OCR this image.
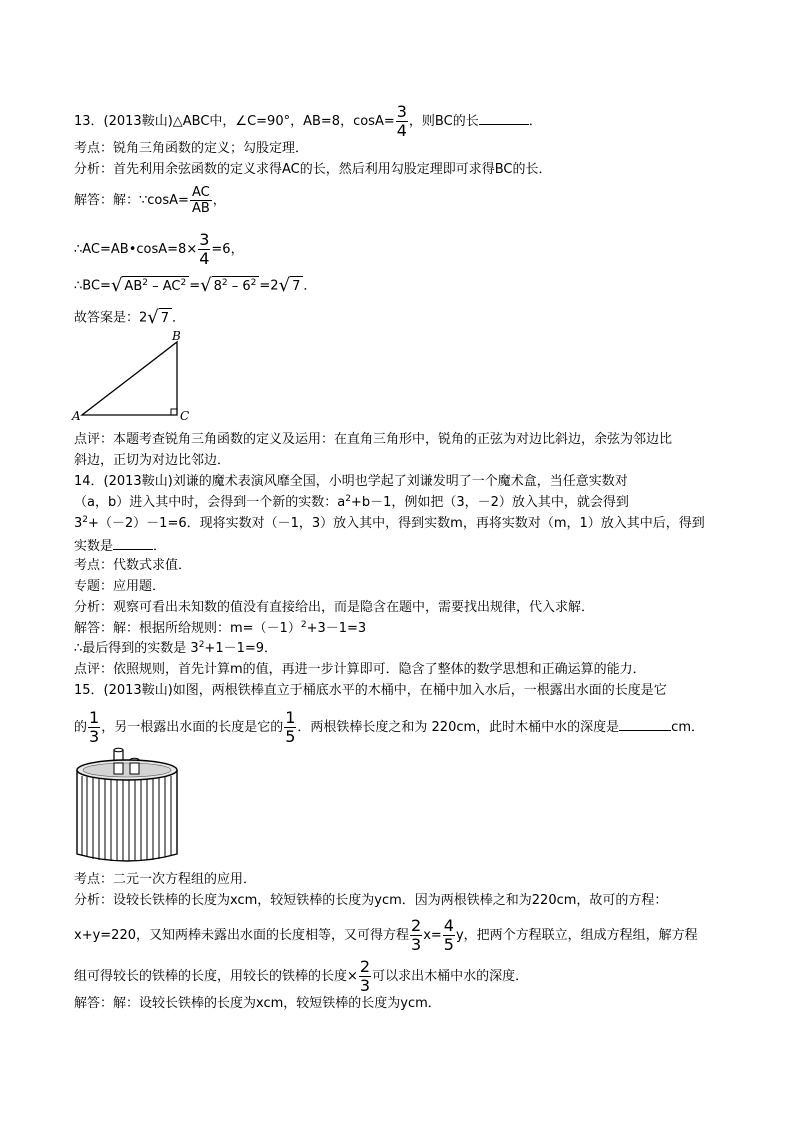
13．(2013鞍山)△ABC中，∠C=90°，AB=8，$\cos A= \frac{3}{4}$ ，则BC的长	．
考点：锐角三角函数的定义；勾股定理．
分析：首先利用余弦函数的定义求得AC的长，然后利用勾股定理即可求得BC的长．
解答：解：∵cosA= $\frac{AC}{AB}$ ，
∴AC=AB•cosA=8× $\frac{3}{4} =6$，
∴BC= √ $AB^2 - AC^2$ = √ $8^2 - 6^2 =2$ √ 7 ．
故答案是：2 √ 7 ．
A
B
C
点评：本题考查锐角三角函数的定义及运用：在直角三角形中，锐角的正弦为对边比斜边，余弦为邻边比
斜边，正切为对边比邻边．
14．(2013鞍山)刘谦的魔术表演风靡全国，小明也学起了刘谦发明了一个魔术盒，当任意实数对
（a，b）进入其中时，会得到一个新的实数：$a^2+b-1$，例如把（3，－2）放入其中，就会得到
$3^2+(-2)-1=6$．现将实数对（－1，3）放入其中，得到实数m，再将实数对（m，1）放入其中后，得到
实数是	．
考点：代数式求值．
专题：应用题．
分析：观察可看出未知数的值没有直接给出，而是隐含在题中，需要找出规律，代入求解．
解答：解：根据所给规则：$m=(-1)^2+3-1=3$
∴最后得到的实数是 $3^2+1-1=9$．
点评：依照规则，首先计算m的值，再进一步计算即可．隐含了整体的数学思想和正确运算的能力．
15．(2013鞍山)如图，两根铁棒直立于桶底水平的木桶中，在桶中加入水后，一根露出水面的长度是它
的 $\frac{1}{3}$ ，另一根露出水面的长度是它的 $\frac{1}{5}$ ．两根铁棒长度之和为 220cm，此时木桶中水的深度是	cm．
考点：二元一次方程组的应用．
分析：设较长铁棒的长度为xcm，较短铁棒的长度为ycm．因为两根铁棒之和为220cm，故可的方程：
x+y=220，又知两棒未露出水面的长度相等，又可得方程 $\frac{2}{3} x= \frac{4}{5}$ y，把两个方程联立，组成方程组，解方程
组可得较长的铁棒的长度，用较长的铁棒的长度× $\frac{2}{3}$ 可以求出木桶中水的深度．
解答：解：设较长铁棒的长度为xcm，较短铁棒的长度为ycm．
